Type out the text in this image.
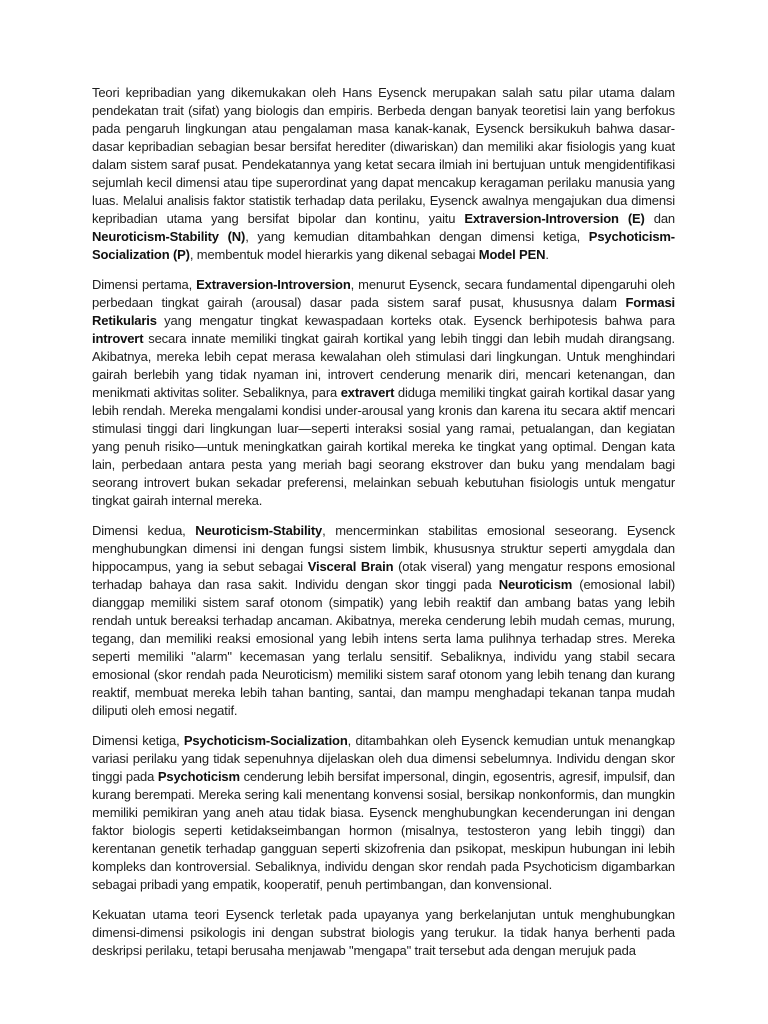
Teori kepribadian yang dikemukakan oleh Hans Eysenck merupakan salah satu pilar utama dalam pendekatan trait (sifat) yang biologis dan empiris. Berbeda dengan banyak teoretisi lain yang berfokus pada pengaruh lingkungan atau pengalaman masa kanak-kanak, Eysenck bersikukuh bahwa dasar-dasar kepribadian sebagian besar bersifat herediter (diwariskan) dan memiliki akar fisiologis yang kuat dalam sistem saraf pusat. Pendekatannya yang ketat secara ilmiah ini bertujuan untuk mengidentifikasi sejumlah kecil dimensi atau tipe superordinat yang dapat mencakup keragaman perilaku manusia yang luas. Melalui analisis faktor statistik terhadap data perilaku, Eysenck awalnya mengajukan dua dimensi kepribadian utama yang bersifat bipolar dan kontinu, yaitu Extraversion-Introversion (E) dan Neuroticism-Stability (N), yang kemudian ditambahkan dengan dimensi ketiga, Psychoticism-Socialization (P), membentuk model hierarkis yang dikenal sebagai Model PEN.

Dimensi pertama, Extraversion-Introversion, menurut Eysenck, secara fundamental dipengaruhi oleh perbedaan tingkat gairah (arousal) dasar pada sistem saraf pusat, khususnya dalam Formasi Retikularis yang mengatur tingkat kewaspadaan korteks otak. Eysenck berhipotesis bahwa para introvert secara innate memiliki tingkat gairah kortikal yang lebih tinggi dan lebih mudah dirangsang. Akibatnya, mereka lebih cepat merasa kewalahan oleh stimulasi dari lingkungan. Untuk menghindari gairah berlebih yang tidak nyaman ini, introvert cenderung menarik diri, mencari ketenangan, dan menikmati aktivitas soliter. Sebaliknya, para extravert diduga memiliki tingkat gairah kortikal dasar yang lebih rendah. Mereka mengalami kondisi under-arousal yang kronis dan karena itu secara aktif mencari stimulasi tinggi dari lingkungan luar—seperti interaksi sosial yang ramai, petualangan, dan kegiatan yang penuh risiko—untuk meningkatkan gairah kortikal mereka ke tingkat yang optimal. Dengan kata lain, perbedaan antara pesta yang meriah bagi seorang ekstrover dan buku yang mendalam bagi seorang introvert bukan sekadar preferensi, melainkan sebuah kebutuhan fisiologis untuk mengatur tingkat gairah internal mereka.

Dimensi kedua, Neuroticism-Stability, mencerminkan stabilitas emosional seseorang. Eysenck menghubungkan dimensi ini dengan fungsi sistem limbik, khususnya struktur seperti amygdala dan hippocampus, yang ia sebut sebagai Visceral Brain (otak viseral) yang mengatur respons emosional terhadap bahaya dan rasa sakit. Individu dengan skor tinggi pada Neuroticism (emosional labil) dianggap memiliki sistem saraf otonom (simpatik) yang lebih reaktif dan ambang batas yang lebih rendah untuk bereaksi terhadap ancaman. Akibatnya, mereka cenderung lebih mudah cemas, murung, tegang, dan memiliki reaksi emosional yang lebih intens serta lama pulihnya terhadap stres. Mereka seperti memiliki "alarm" kecemasan yang terlalu sensitif. Sebaliknya, individu yang stabil secara emosional (skor rendah pada Neuroticism) memiliki sistem saraf otonom yang lebih tenang dan kurang reaktif, membuat mereka lebih tahan banting, santai, dan mampu menghadapi tekanan tanpa mudah diliputi oleh emosi negatif.

Dimensi ketiga, Psychoticism-Socialization, ditambahkan oleh Eysenck kemudian untuk menangkap variasi perilaku yang tidak sepenuhnya dijelaskan oleh dua dimensi sebelumnya. Individu dengan skor tinggi pada Psychoticism cenderung lebih bersifat impersonal, dingin, egosentris, agresif, impulsif, dan kurang berempati. Mereka sering kali menentang konvensi sosial, bersikap nonkonformis, dan mungkin memiliki pemikiran yang aneh atau tidak biasa. Eysenck menghubungkan kecenderungan ini dengan faktor biologis seperti ketidakseimbangan hormon (misalnya, testosteron yang lebih tinggi) dan kerentanan genetik terhadap gangguan seperti skizofrenia dan psikopat, meskipun hubungan ini lebih kompleks dan kontroversial. Sebaliknya, individu dengan skor rendah pada Psychoticism digambarkan sebagai pribadi yang empatik, kooperatif, penuh pertimbangan, dan konvensional.

Kekuatan utama teori Eysenck terletak pada upayanya yang berkelanjutan untuk menghubungkan dimensi-dimensi psikologis ini dengan substrat biologis yang terukur. Ia tidak hanya berhenti pada deskripsi perilaku, tetapi berusaha menjawab "mengapa" trait tersebut ada dengan merujuk pada
